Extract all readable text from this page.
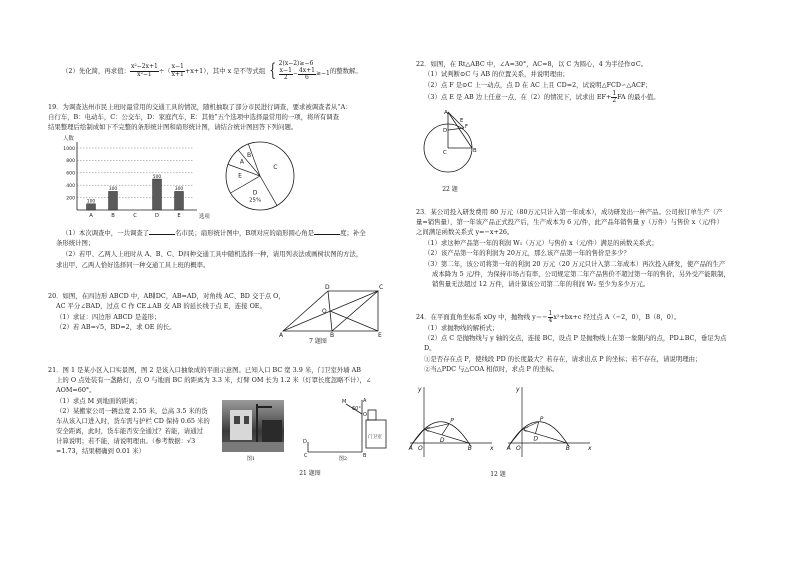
（2）先化简，再求值： $\frac{\text{x²−2x+1}}{\text{x²−1}}$ ÷（ $\frac{x-1}{x+1} +x+1$），其中 x 是不等式组 { 2(x−2)≥−6
$\frac{x-1}{2} - \frac{4x+1}{6} \ge-1$ 的整数解。
19．为调查达州市民上班时最常用的交通工具的情况，随机抽取了部分市民进行调查，要求被调查者从“A：
自行车，B：电动车，C：公交车，D：家庭汽车，E：其他”五个选项中选择最常用的一项，将所有调查
结果整理后绘制成如下不完整的条形统计图和扇形统计图，请结合统计图回答下列问题。
200
400
600
800
1000
人数
选项
100
A
300
B	C
500
D
300
E
C
D
25%
E
A
B
（1）本次调查中，一共调查了	名市民；扇形统计图中，B项对应的扇形圆心角是	度；补全
条形统计图；
（2）若甲、乙两人上班时从 A、B、C、D四种交通工具中随机选择一种，请用列表法或画树状图的方法，
求出甲、乙两人恰好选择同一种交通工具上班的概率。
20．如图，在四边形 ABCD 中，AB∥DC，AB=AD，对角线 AC、BD 交于点 O，
AC 平分∠BAD，过点 C 作 CE⊥AB 交 AB 的延长线于点 E，连接 OE。
（1）求证：四边形 ABCD 是菱形；
（2）若 AB=√5，BD=2，求 OE 的长。
D	C
A	B	E
O
7 题图
21．图 1 是某小区入口实景图，图 2 是该入口抽象成的平面示意图。已知入口 BC 宽 3.9 米，门卫室外墙 AB
上的 O 点处装有一盏路灯，点 O 与地面 BC 的距离为 3.3 米，灯臂 OM 长为 1.2 米（灯罩长度忽略不计），∠
AOM=60°。
（1）求点 M 到地面的距离；
（2）某搬家公司一辆总宽 2.55 米，总高 3.5 米的货
车从该入口进入时，货车需与护栏 CD 保持 0.65 米的
安全距离，此时，货车能否安全通过？若能，请通过
计算说明；若不能，请说明理由。（参考数据：√3
≈1.73，结果精确到 0.01 米）
图1
M
O
A
B
C
D
60°
门卫室
图2
21 题图
22．如图，在 Rt△ABC 中，∠A=30°，AC=8，以 C 为圆心，4 为半径作⊙C。
（1）试判断⊙C 与 AB 的位置关系，并说明理由；
（2）点 F 是⊙C 上一动点，点 D 在 AC 上且 CD=2，试说明△FCD∽△ACF；
（3）点 E 是 AB 边上任意一点，在（2）的情况下，试求出 $EF+ \frac{1}{2}$ FA 的最小值。
A
B
C
D
F
E
22 题
23．某公司投入研发费用 80 万元（80万元只计入第一年成本），成功研发出一种产品。公司按订单生产（产
量=销售量），第一年该产品正式投产后，生产成本为 6 元/件，此产品年销售量 y（万件）与售价 x（元/件）
之间满足函数关系式 y=−x+26。
（1）求这种产品第一年的利润 W₁（万元）与售价 x（元/件）满足的函数关系式；
（2）该产品第一年的利润为 20万元，那么该产品第一年的售价是多少？
（3）第二年，该公司将第一年的利润 20 万元（20 万元只计入第二年成本）再次投入研发，使产品的生产
成本降为 5 元/件，为保持市场占有率，公司规定第二年产品售价不超过第一年的售价，另外受产能限制，
销售量无法超过 12 万件，请计算该公司第二年的利润 W₂ 至少为多少万元。
24．在平面直角坐标系 xOy 中，抛物线 $y=- \frac{1}{4} x^2+bx+c$ 经过点 A（−2，0），B（8，0）。
（1）求抛物线的解析式；
（2）点 C 是抛物线与 y 轴的交点，连接 BC，设点 P 是抛物线上在第一象限内的点，PD⊥BC，垂足为点
D。
①是否存在点 P，使线段 PD 的长度最大？若存在，请求出点 P 的坐标；若不存在，请说明理由；
②当△PDC 与△COA 相似时，求点 P 的坐标。
y
x
O
A	B
C
P
D
y
x
O
A	B
C
P
D
12 题
